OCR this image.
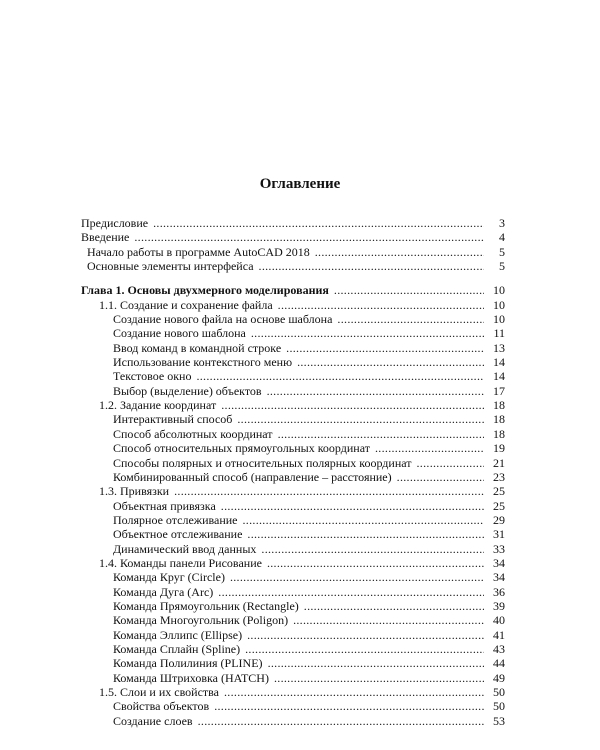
Оглавление
Предисловие .....	3
Введение .....	4
Начало работы в программе AutoCAD 2018 .....	5
Основные элементы интерфейса .....	5
Глава 1. Основы двухмерного моделирования .....	10
1.1. Создание и сохранение файла .....	10
Создание нового файла на основе шаблона .....	10
Создание нового шаблона .....	11
Ввод команд в командной строке .....	13
Использование контекстного меню .....	14
Текстовое окно .....	14
Выбор (выделение) объектов .....	17
1.2. Задание координат .....	18
Интерактивный способ .....	18
Способ абсолютных координат .....	18
Способ относительных прямоугольных координат .....	19
Способы полярных и относительных полярных координат .....	21
Комбинированный способ (направление – расстояние) .....	23
1.3. Привязки .....	25
Объектная привязка .....	25
Полярное отслеживание .....	29
Объектное отслеживание .....	31
Динамический ввод данных .....	33
1.4. Команды панели Рисование .....	34
Команда Круг (Circle) .....	34
Команда Дуга (Arc) .....	36
Команда Прямоугольник (Rectangle) .....	39
Команда Многоугольник (Poligon) .....	40
Команда Эллипс (Ellipse) .....	41
Команда Сплайн (Spline) .....	43
Команда Полилиния (PLINE) .....	44
Команда Штриховка (HATCH) .....	49
1.5. Слои и их свойства .....	50
Свойства объектов .....	50
Создание слоев .....	53
